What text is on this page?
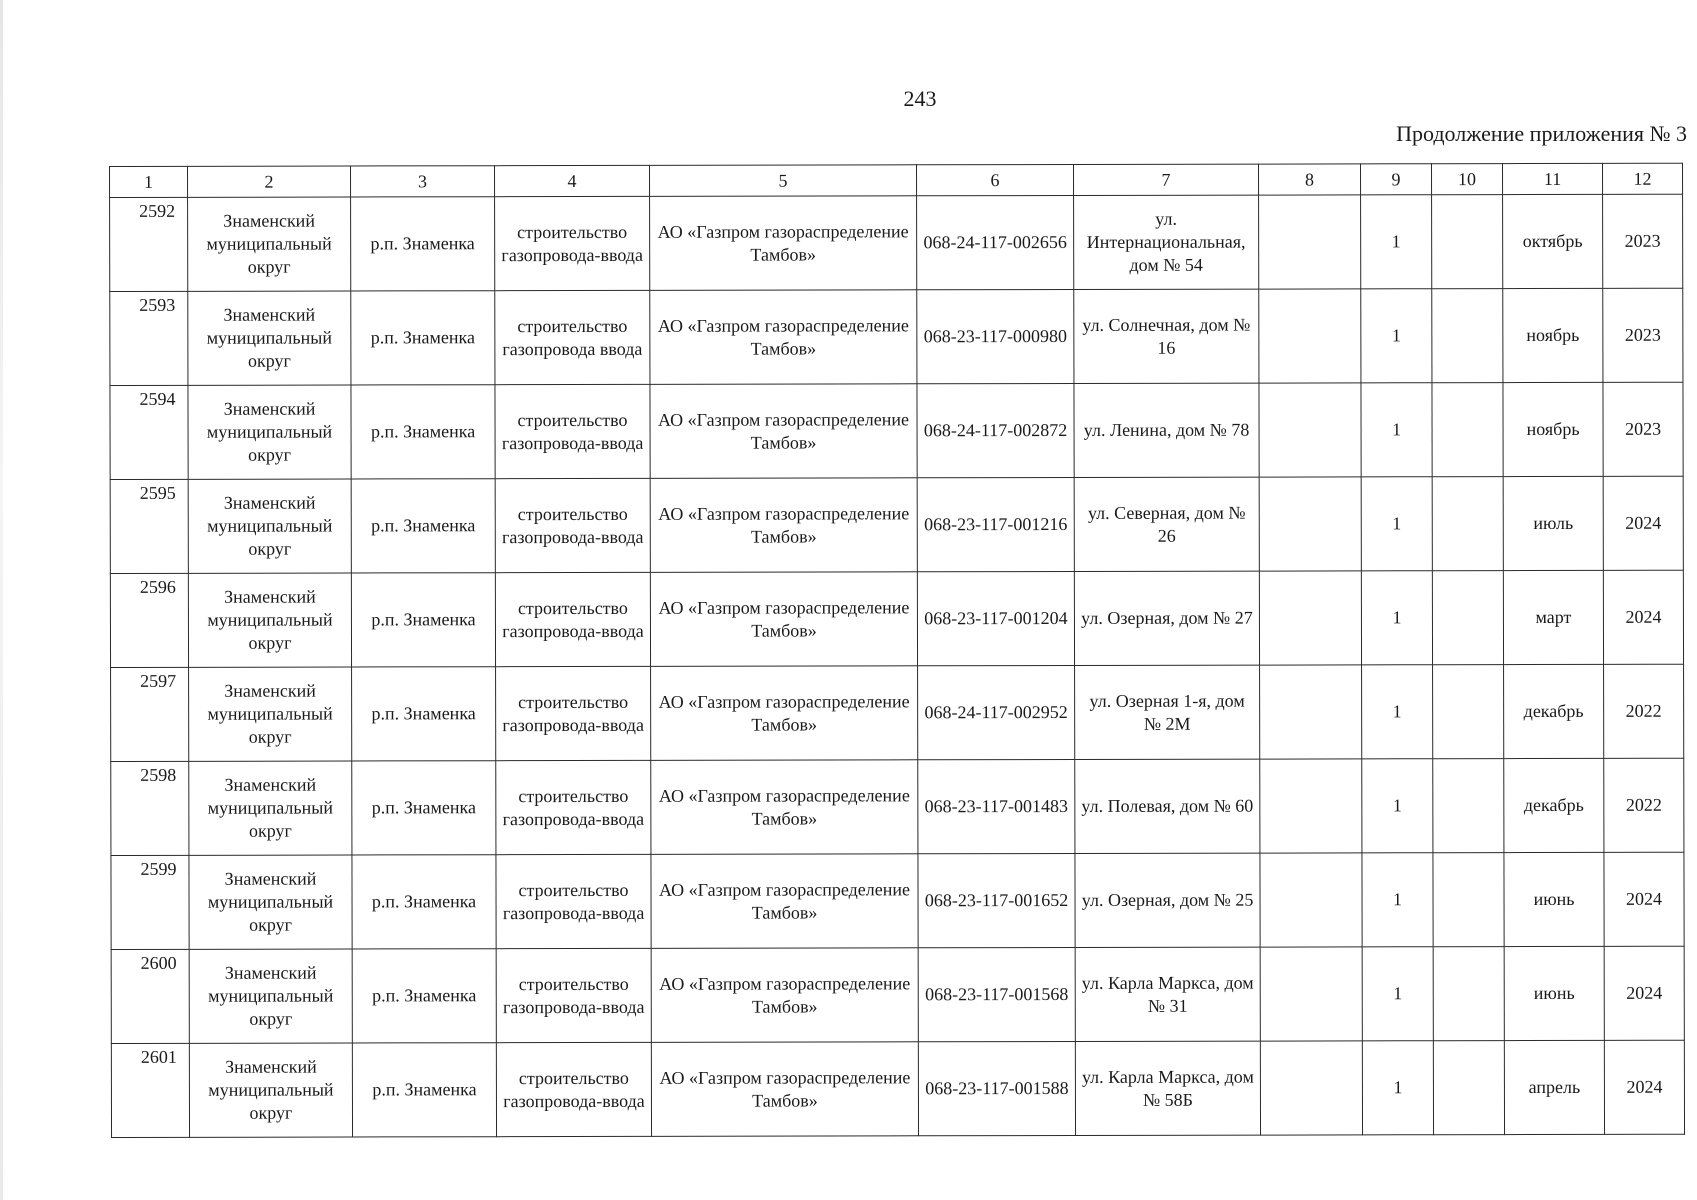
243
Продолжение приложения № 3
1	2	3	4	5	6	7	8	9	10	11	12
2592	Знаменский муниципальный округ	р.п. Знаменка	строительство газопровода-ввода	АО «Газпром газораспределение Тамбов»	068-24-117-002656	ул. Интернациональная, дом № 54		1		октябрь	2023
2593	Знаменский муниципальный округ	р.п. Знаменка	строительство газопровода ввода	АО «Газпром газораспределение Тамбов»	068-23-117-000980	ул. Солнечная, дом № 16		1		ноябрь	2023
2594	Знаменский муниципальный округ	р.п. Знаменка	строительство газопровода-ввода	АО «Газпром газораспределение Тамбов»	068-24-117-002872	ул. Ленина, дом № 78		1		ноябрь	2023
2595	Знаменский муниципальный округ	р.п. Знаменка	строительство газопровода-ввода	АО «Газпром газораспределение Тамбов»	068-23-117-001216	ул. Северная, дом № 26		1		июль	2024
2596	Знаменский муниципальный округ	р.п. Знаменка	строительство газопровода-ввода	АО «Газпром газораспределение Тамбов»	068-23-117-001204	ул. Озерная, дом № 27		1		март	2024
2597	Знаменский муниципальный округ	р.п. Знаменка	строительство газопровода-ввода	АО «Газпром газораспределение Тамбов»	068-24-117-002952	ул. Озерная 1-я, дом № 2М		1		декабрь	2022
2598	Знаменский муниципальный округ	р.п. Знаменка	строительство газопровода-ввода	АО «Газпром газораспределение Тамбов»	068-23-117-001483	ул. Полевая, дом № 60		1		декабрь	2022
2599	Знаменский муниципальный округ	р.п. Знаменка	строительство газопровода-ввода	АО «Газпром газораспределение Тамбов»	068-23-117-001652	ул. Озерная, дом № 25		1		июнь	2024
2600	Знаменский муниципальный округ	р.п. Знаменка	строительство газопровода-ввода	АО «Газпром газораспределение Тамбов»	068-23-117-001568	ул. Карла Маркса, дом № 31		1		июнь	2024
2601	Знаменский муниципальный округ	р.п. Знаменка	строительство газопровода-ввода	АО «Газпром газораспределение Тамбов»	068-23-117-001588	ул. Карла Маркса, дом № 58Б		1		апрель	2024
